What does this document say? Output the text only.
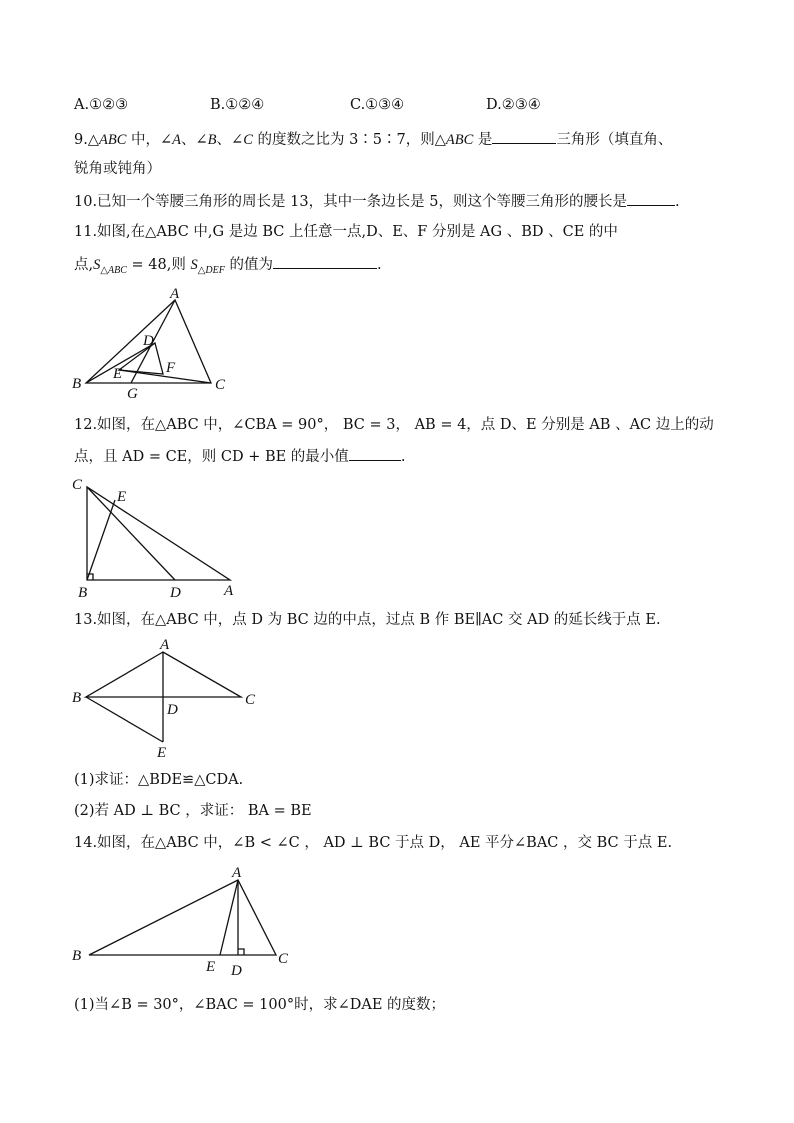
A.①②③	B.①②④	C.①③④	D.②③④
9.△ABC 中，∠A、∠B、∠C 的度数之比为 3∶5∶7，则△ABC 是	三角形（填直角、
锐角或钝角）
10.已知一个等腰三角形的周长是 13，其中一条边长是 5，则这个等腰三角形的腰长是	.
11.如图,在△ABC 中,G 是边 BC 上任意一点,D、E、F 分别是 AG 、BD 、CE 的中
点$,S_{\triangle ABC} = 48$,则 $S_{\triangle DEF}$ 的值为	.
12.如图，在△ABC 中，∠CBA = 90°， BC = 3， AB = 4，点 D、E 分别是 AB 、AC 边上的动
点，且 AD = CE，则 CD + BE 的最小值	.
13.如图，在△ABC 中，点 D 为 BC 边的中点，过点 B 作 BE∥AC 交 AD 的延长线于点 E.
(1)求证：△BDE≌△CDA.
(2)若 AD ⊥ BC ，求证： BA = BE
14.如图，在△ABC 中，∠B < ∠C ， AD ⊥ BC 于点 D， AE 平分∠BAC ，交 BC 于点 E.
(1)当∠B = 30°，∠BAC = 100°时，求∠DAE 的度数；
A
B	C
D
E	F
G
C
E
B	D	A
A
B	C
D
E
A
B	C
D
E
